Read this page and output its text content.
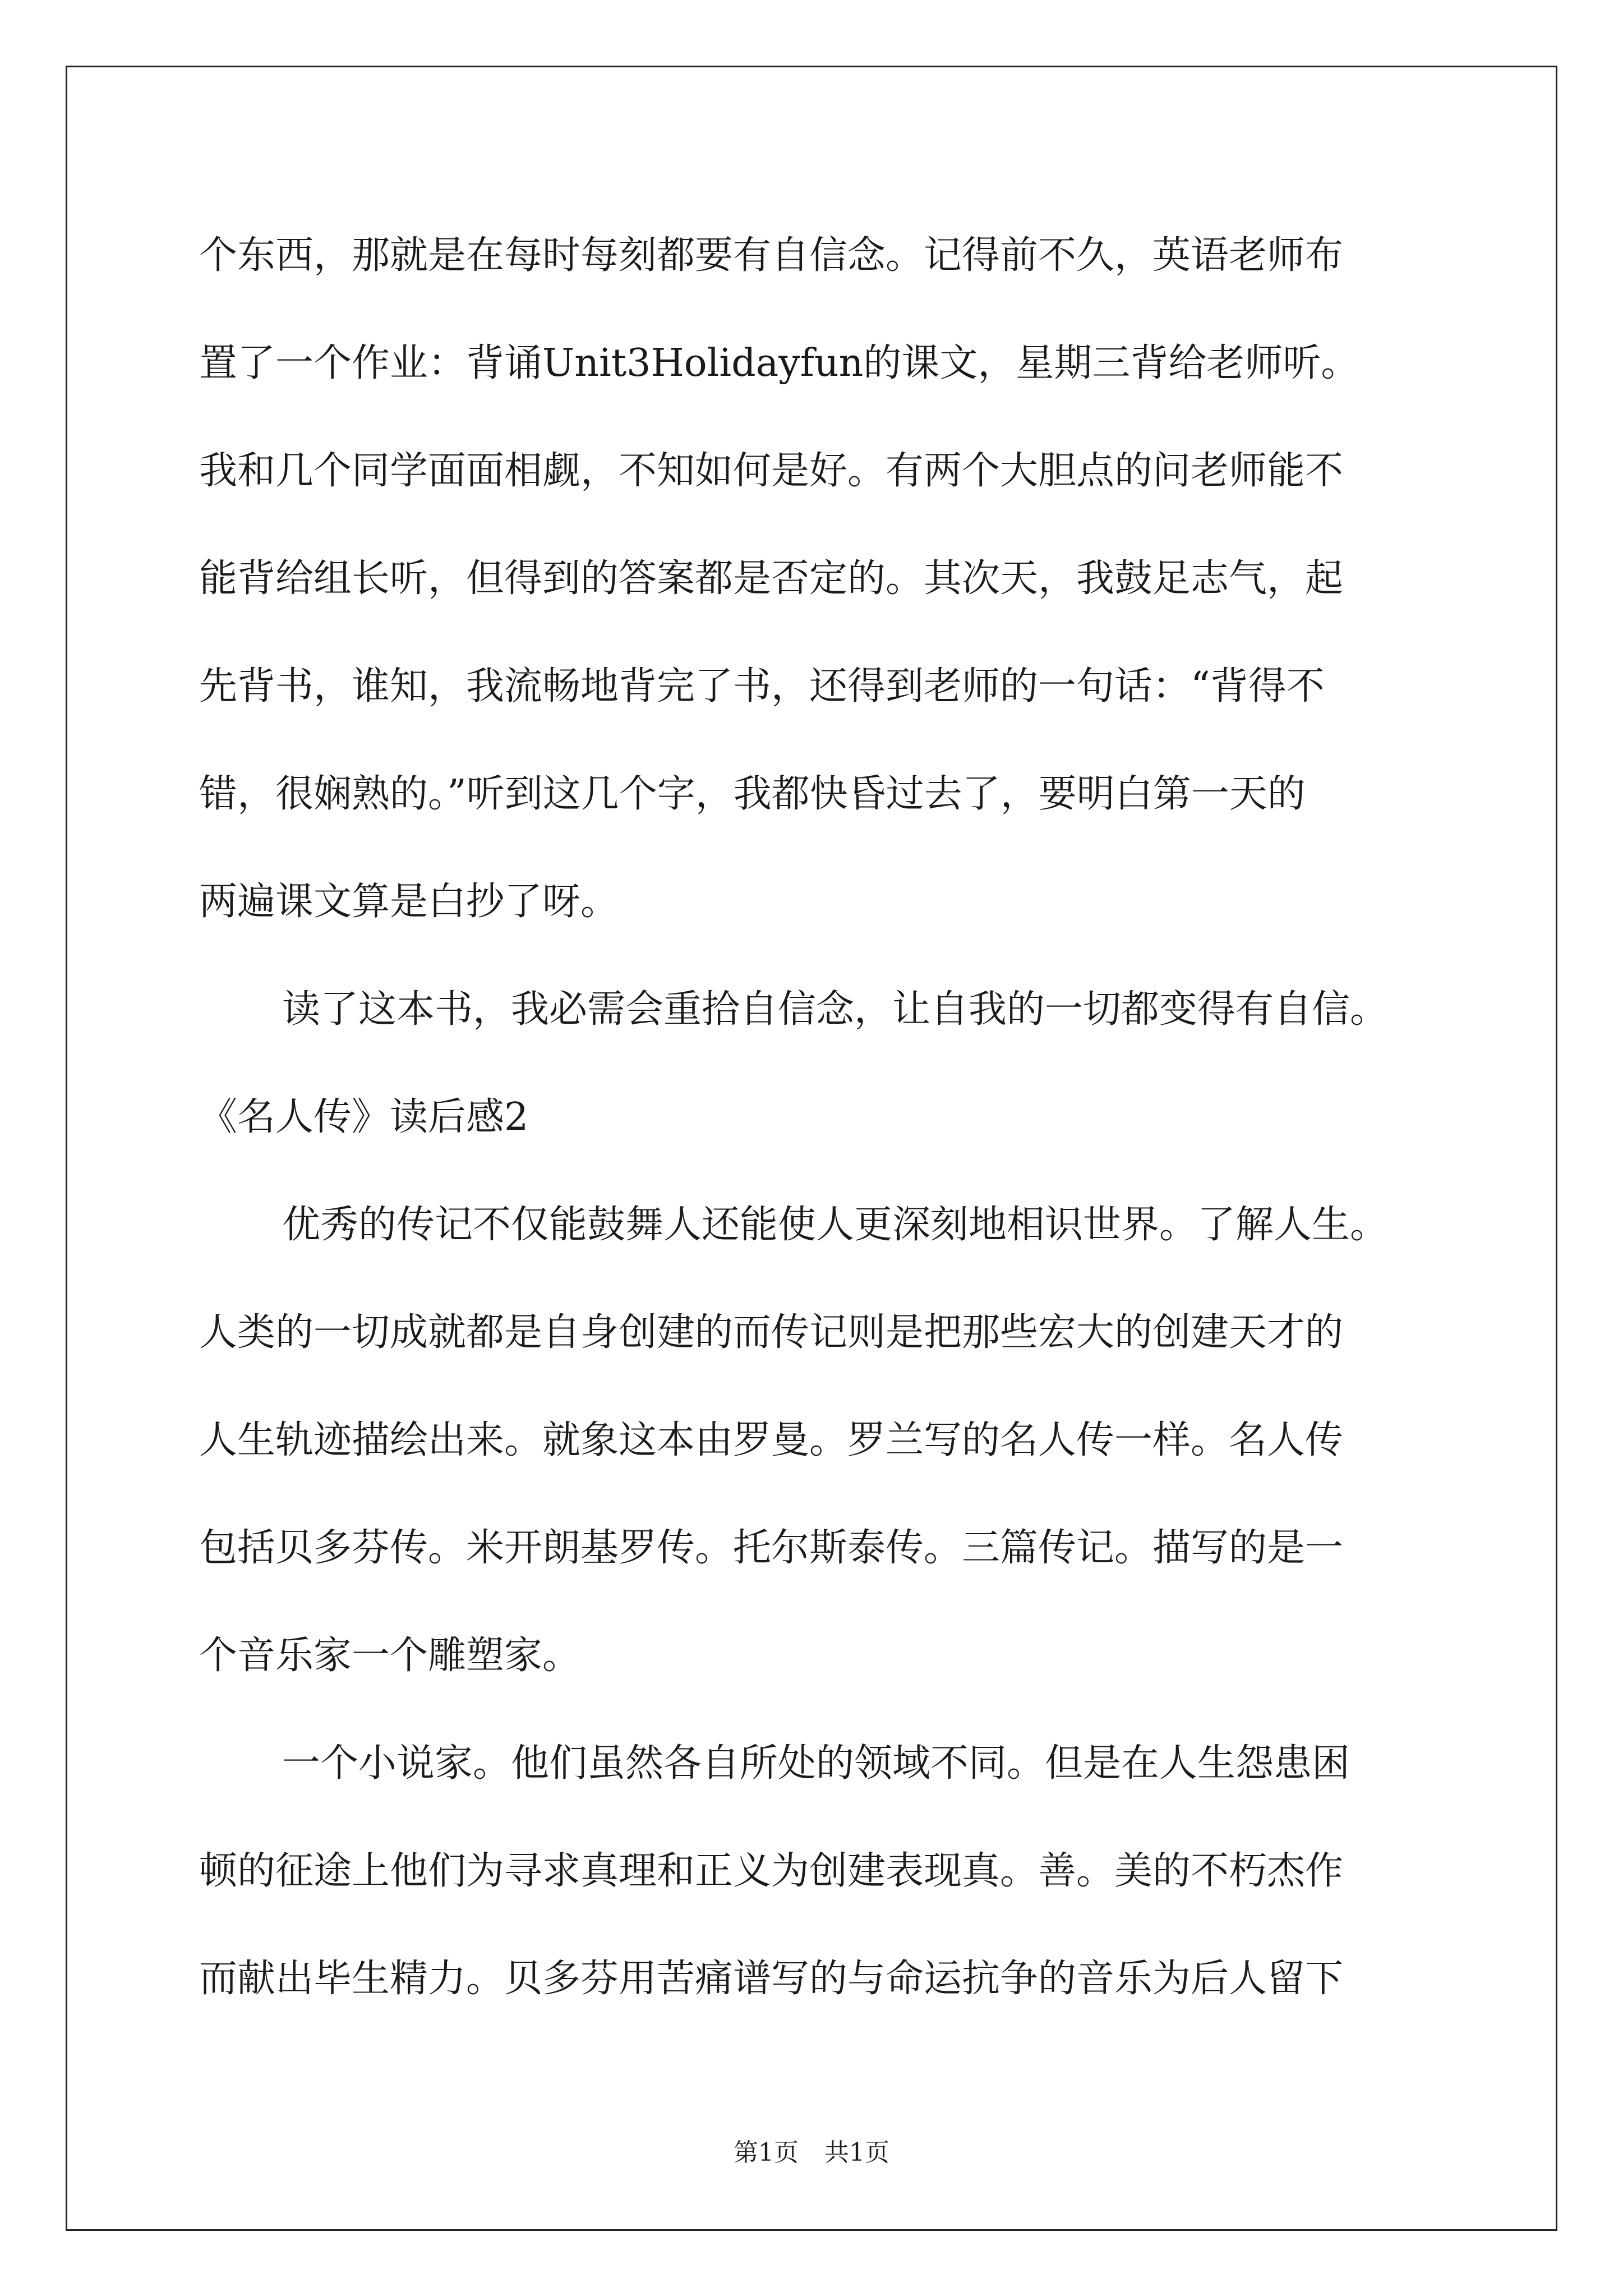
个东西，那就是在每时每刻都要有自信念。记得前不久，英语老师布
置了一个作业：背诵Unit3Holidayfun的课文，星期三背给老师听。
我和几个同学面面相觑，不知如何是好。有两个大胆点的问老师能不
能背给组长听，但得到的答案都是否定的。其次天，我鼓足志气，起
先背书，谁知，我流畅地背完了书，还得到老师的一句话：“背得不
错，很娴熟的。”听到这几个字，我都快昏过去了，要明白第一天的
两遍课文算是白抄了呀。
读了这本书，我必需会重拾自信念，让自我的一切都变得有自信。
《名人传》读后感2
优秀的传记不仅能鼓舞人还能使人更深刻地相识世界。了解人生。
人类的一切成就都是自身创建的而传记则是把那些宏大的创建天才的
人生轨迹描绘出来。就象这本由罗曼。罗兰写的名人传一样。名人传
包括贝多芬传。米开朗基罗传。托尔斯泰传。三篇传记。描写的是一
个音乐家一个雕塑家。
一个小说家。他们虽然各自所处的领域不同。但是在人生怨患困
顿的征途上他们为寻求真理和正义为创建表现真。善。美的不朽杰作
而献出毕生精力。贝多芬用苦痛谱写的与命运抗争的音乐为后人留下
第1页 共1页
